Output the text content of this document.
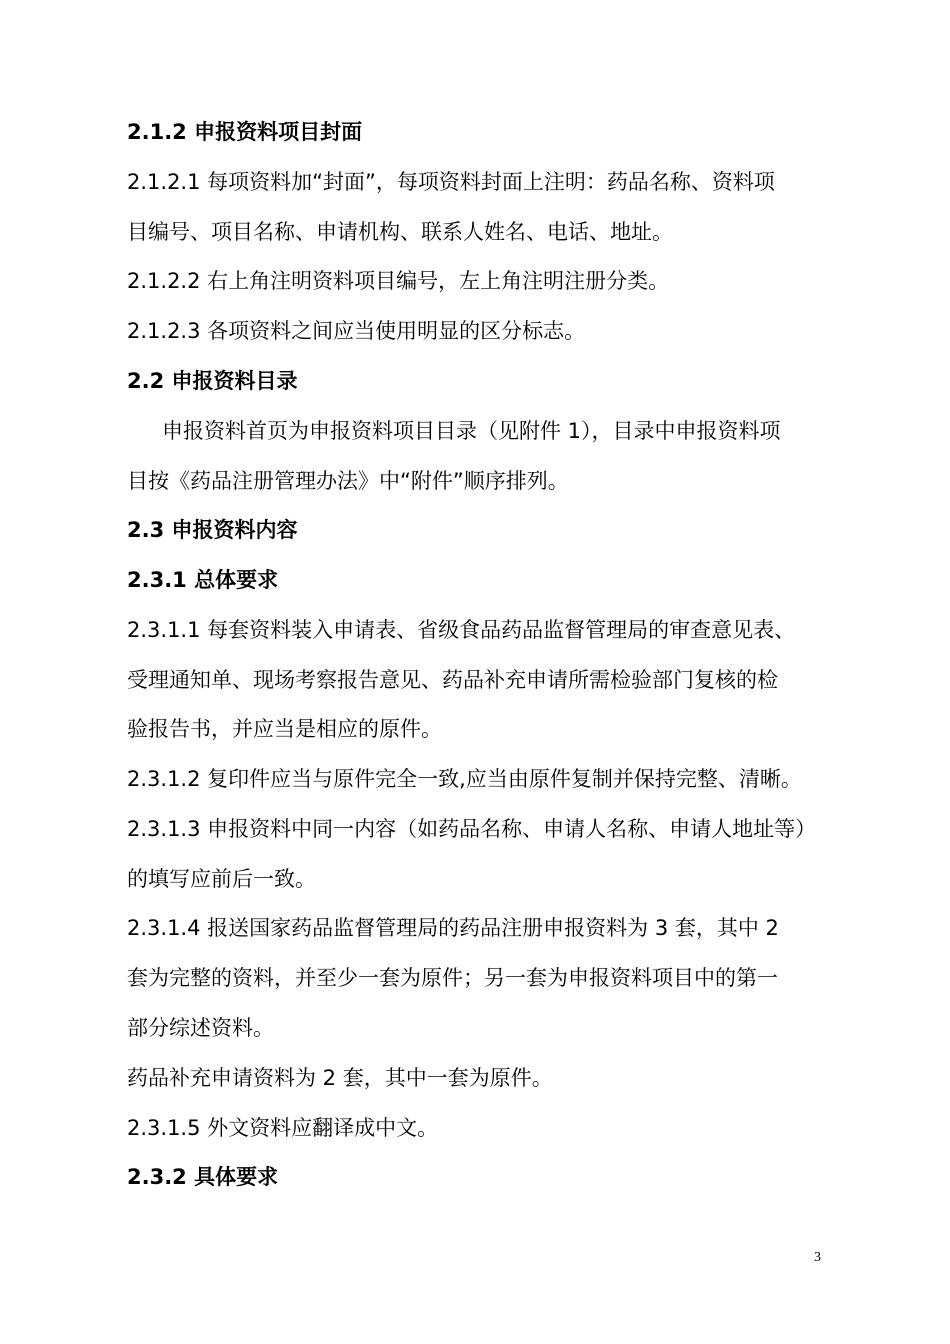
2.1.2 申报资料项目封面
2.1.2.1 每项资料加“封面”，每项资料封面上注明：药品名称、资料项
目编号、项目名称、申请机构、联系人姓名、电话、地址。
2.1.2.2 右上角注明资料项目编号，左上角注明注册分类。
2.1.2.3 各项资料之间应当使用明显的区分标志。
2.2 申报资料目录
申报资料首页为申报资料项目目录（见附件 1），目录中申报资料项
目按《药品注册管理办法》中“附件”顺序排列。
2.3 申报资料内容
2.3.1 总体要求
2.3.1.1 每套资料装入申请表、省级食品药品监督管理局的审查意见表、
受理通知单、现场考察报告意见、药品补充申请所需检验部门复核的检
验报告书，并应当是相应的原件。
2.3.1.2 复印件应当与原件完全一致,应当由原件复制并保持完整、清晰。
2.3.1.3 申报资料中同一内容（如药品名称、申请人名称、申请人地址等）
的填写应前后一致。
2.3.1.4 报送国家药品监督管理局的药品注册申报资料为 3 套，其中 2
套为完整的资料，并至少一套为原件；另一套为申报资料项目中的第一
部分综述资料。
药品补充申请资料为 2 套，其中一套为原件。
2.3.1.5 外文资料应翻译成中文。
2.3.2 具体要求
3
